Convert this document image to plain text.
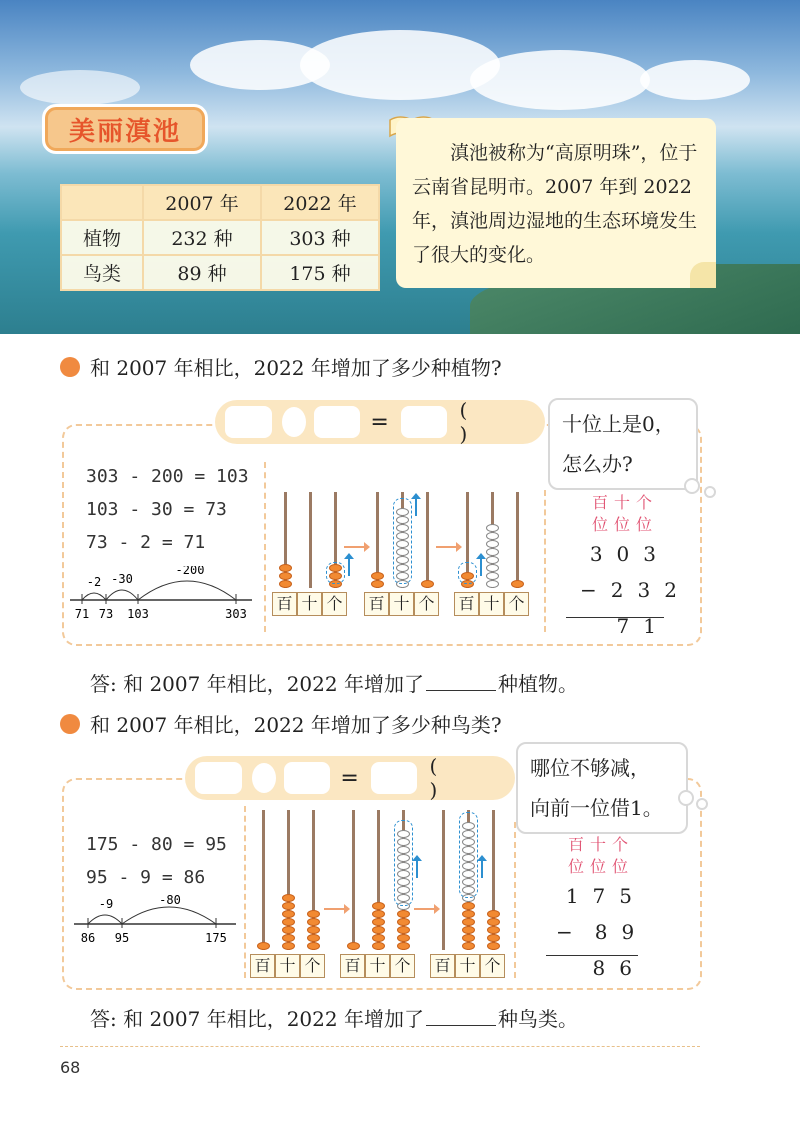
美丽滇池
	2007 年	2022 年
植物	232 种	303 种
鸟类	89 种	175 种
滇池被称为“高原明珠”，位于云南省昆明市。2007 年到 2022 年，滇池周边湿地的生态环境发生了很大的变化。
和 2007 年相比，2022 年增加了多少种植物?
=	( )	十位上是0，
怎么办?
303 - 200 = 103
103 - 30 = 73
73 - 2 = 71
71 73 103	303
-2 -30
-200
百 十 个 百 十 个 百 十 个
百十个
位位位
303
−232
71
答: 和 2007 年相比，2022 年增加了	种植物。
和 2007 年相比，2022 年增加了多少种鸟类?
=	( )
哪位不够减，
向前一位借1。
175 - 80 = 95
95 - 9 = 86
86 95	175
-9	-80
百 十 个 百 十 个 百 十 个
百十个
位位位
175
− 89
86
答: 和 2007 年相比，2022 年增加了	种鸟类。
68
